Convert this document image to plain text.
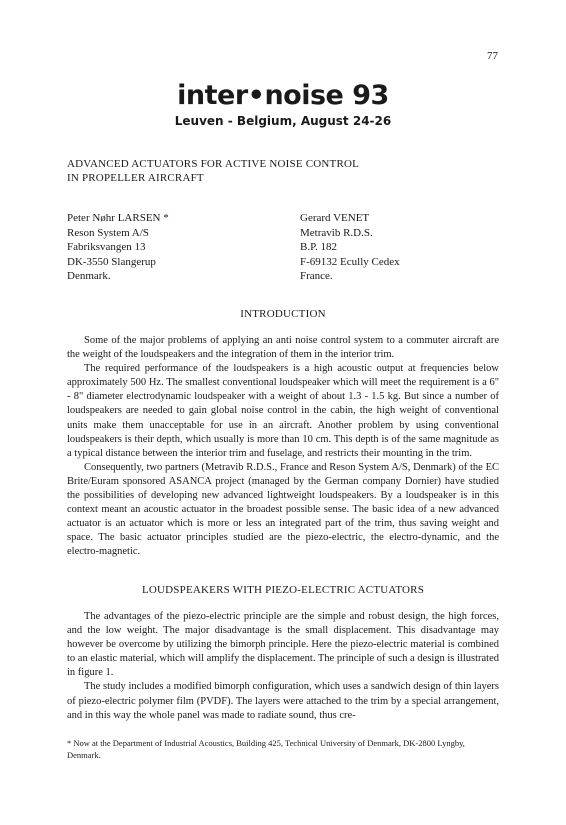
77
inter•noise 93
Leuven - Belgium, August 24-26
ADVANCED ACTUATORS FOR ACTIVE NOISE CONTROL
IN PROPELLER AIRCRAFT
Peter Nøhr LARSEN *
Reson System A/S
Fabriksvangen 13
DK-3550 Slangerup
Denmark.
Gerard VENET
Metravib R.D.S.
B.P. 182
F-69132 Ecully Cedex
France.
INTRODUCTION

Some of the major problems of applying an anti noise control system to a commuter aircraft are the weight of the loudspeakers and the integration of them in the interior trim.

The required performance of the loudspeakers is a high acoustic output at frequencies below approximately 500 Hz. The smallest conventional loudspeaker which will meet the requirement is a 6" - 8" diameter electrodynamic loudspeaker with a weight of about 1.3 - 1.5 kg. But since a number of loudspeakers are needed to gain global noise control in the cabin, the high weight of conventional units make them unacceptable for use in an aircraft. Another problem by using conventional loudspeakers is their depth, which usually is more than 10 cm. This depth is of the same magnitude as a typical distance between the interior trim and fuselage, and restricts their mounting in the trim.

Consequently, two partners (Metravib R.D.S., France and Reson System A/S, Denmark) of the EC Brite/Euram sponsored ASANCA project (managed by the German company Dornier) have studied the possibilities of developing new advanced lightweight loudspeakers. By a loudspeaker is in this context meant an acoustic actuator in the broadest possible sense. The basic idea of a new advanced actuator is an actuator which is more or less an integrated part of the trim, thus saving weight and space. The basic actuator principles studied are the piezo-electric, the electro-dynamic, and the electro-magnetic.

LOUDSPEAKERS WITH PIEZO-ELECTRIC ACTUATORS

The advantages of the piezo-electric principle are the simple and robust design, the high forces, and the low weight. The major disadvantage is the small displacement. This disadvantage may however be overcome by utilizing the bimorph principle. Here the piezo-electric material is combined to an elastic material, which will amplify the displacement. The principle of such a design is illustrated in figure 1.

The study includes a modified bimorph configuration, which uses a sandwich design of thin layers of piezo-electric polymer film (PVDF). The layers were attached to the trim by a special arrangement, and in this way the whole panel was made to radiate sound, thus cre-

* Now at the Department of Industrial Acoustics, Building 425, Technical University of Denmark, DK-2800 Lyngby, Denmark.
